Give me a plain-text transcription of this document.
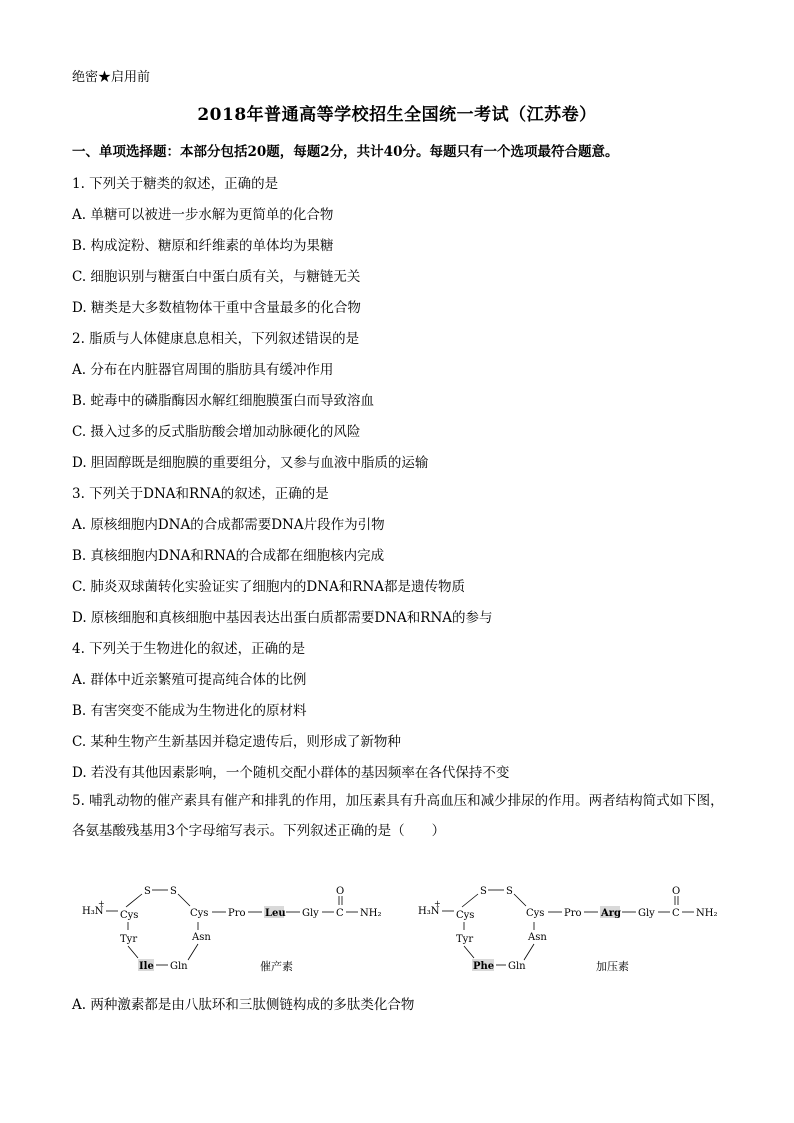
绝密★启用前
2018年普通高等学校招生全国统一考试（江苏卷）
一、单项选择题：本部分包括20题，每题2分，共计40分。每题只有一个选项最符合题意。
1. 下列关于糖类的叙述，正确的是
A. 单糖可以被进一步水解为更简单的化合物
B. 构成淀粉、糖原和纤维素的单体均为果糖
C. 细胞识别与糖蛋白中蛋白质有关，与糖链无关
D. 糖类是大多数植物体干重中含量最多的化合物
2. 脂质与人体健康息息相关，下列叙述错误的是
A. 分布在内脏器官周围的脂肪具有缓冲作用
B. 蛇毒中的磷脂酶因水解红细胞膜蛋白而导致溶血
C. 摄入过多的反式脂肪酸会增加动脉硬化的风险
D. 胆固醇既是细胞膜的重要组分，又参与血液中脂质的运输
3. 下列关于DNA和RNA的叙述，正确的是
A. 原核细胞内DNA的合成都需要DNA片段作为引物
B. 真核细胞内DNA和RNA的合成都在细胞核内完成
C. 肺炎双球菌转化实验证实了细胞内的DNA和RNA都是遗传物质
D. 原核细胞和真核细胞中基因表达出蛋白质都需要DNA和RNA的参与
4. 下列关于生物进化的叙述，正确的是
A. 群体中近亲繁殖可提高纯合体的比例
B. 有害突变不能成为生物进化的原材料
C. 某种生物产生新基因并稳定遗传后，则形成了新物种
D. 若没有其他因素影响，一个随机交配小群体的基因频率在各代保持不变
5. 哺乳动物的催产素具有催产和排乳的作用，加压素具有升高血压和减少排尿的作用。两者结构简式如下图，各氨基酸残基用3个字母缩写表示。下列叙述正确的是（　　）
H₃N
+
Cys
S S
Cys Pro Leu Gly C
O
NH₂
Tyr	Asn
Ile Gln	催产素
H₃N
+
Cys
S S
Cys Pro Arg Gly C
O
NH₂
Tyr	Asn
Phe Gln	加压素
A. 两种激素都是由八肽环和三肽侧链构成的多肽类化合物
